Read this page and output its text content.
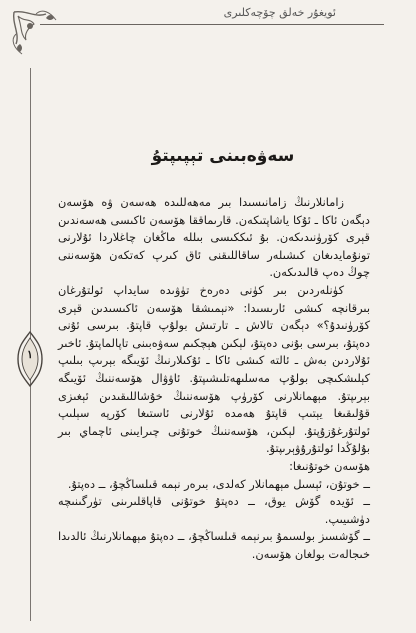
ئويغۇر خەلق چۆچەكلىرى
١
سەۋەبىنى تېپىپتۇ

زامانلارنىڭ زامانىسىدا بىر مەھەللىدە ھەسەن ۋە ھۆسەن دېگەن ئاكا ـ ئۇكا ياشاپتىكەن. قارىماققا ھۆسەن ئاكىسى ھەسەندىن قېرى كۆرۈنىدىكەن. بۇ ئىككىسى بىللە ماڭغان چاغلاردا ئۇلارنى تونۇمايدىغان كىشىلەر ساقاللىقنى ئاق كىرپ كەتكەن ھۆسەننى چوڭ دەپ قالىدىكەن.

كۈنلەردىن بىر كۈنى دەرەخ تۈۋىدە سايداپ ئولتۇرغان بىرقانچە كىشى ئارىسىدا: «نېمىشقا ھۆسەن ئاكىسىدىن قېرى كۆرۈنىدۇ؟» دېگەن تالاش ـ تارتىش بولۇپ قاپتۇ. بىرسى ئۇنى دەپتۇ، بىرسى بۇنى دەپتۇ، لېكىن ھېچكىم سەۋەبىنى تاپالماپتۇ. ئاخىر ئۇلاردىن بەش ـ ئالتە كىشى ئاكا ـ ئۇكىلارنىڭ ئۆيىگە بېرىپ بىلىپ كېلىشكىچى بولۇپ مەسلىھەتلىشىپتۇ. ئاۋۋال ھۆسەننىڭ ئۆيىگە بېرىپتۇ. مېھمانلارنى كۆرۈپ ھۆسەننىڭ خۇشاللىقىدىن ئېغىزى قۇلىقىغا يېتىپ قاپتۇ ھەمدە ئۇلارنى ئاستىغا كۆرپە سېلىپ ئولتۇرغۇزۇپتۇ. لېكىن، ھۆسەننىڭ خوتۇنى چىرايىنى ئاچماي بىر بۇلۇڭدا ئولتۇرۇۋېرىپتۇ.

ھۆسەن خوتۇنىغا:

ــ خوتۇن، ئېسىل مېھمانلار كەلدى، بىرەر نېمە قىلساڭچۇ، ــ دەپتۇ.

ــ ئۆيدە گۆش يوق، ــ دەپتۇ خوتۇنى قاپاقلىرىنى تۈرگىنىچە دۈشىيىپ.

ــ گۆشسىز بولسىمۇ بىرنېمە قىلساڭچۇ، ــ دەپتۇ مېھمانلارنىڭ ئالدىدا خىجالەت بولغان ھۆسەن.
